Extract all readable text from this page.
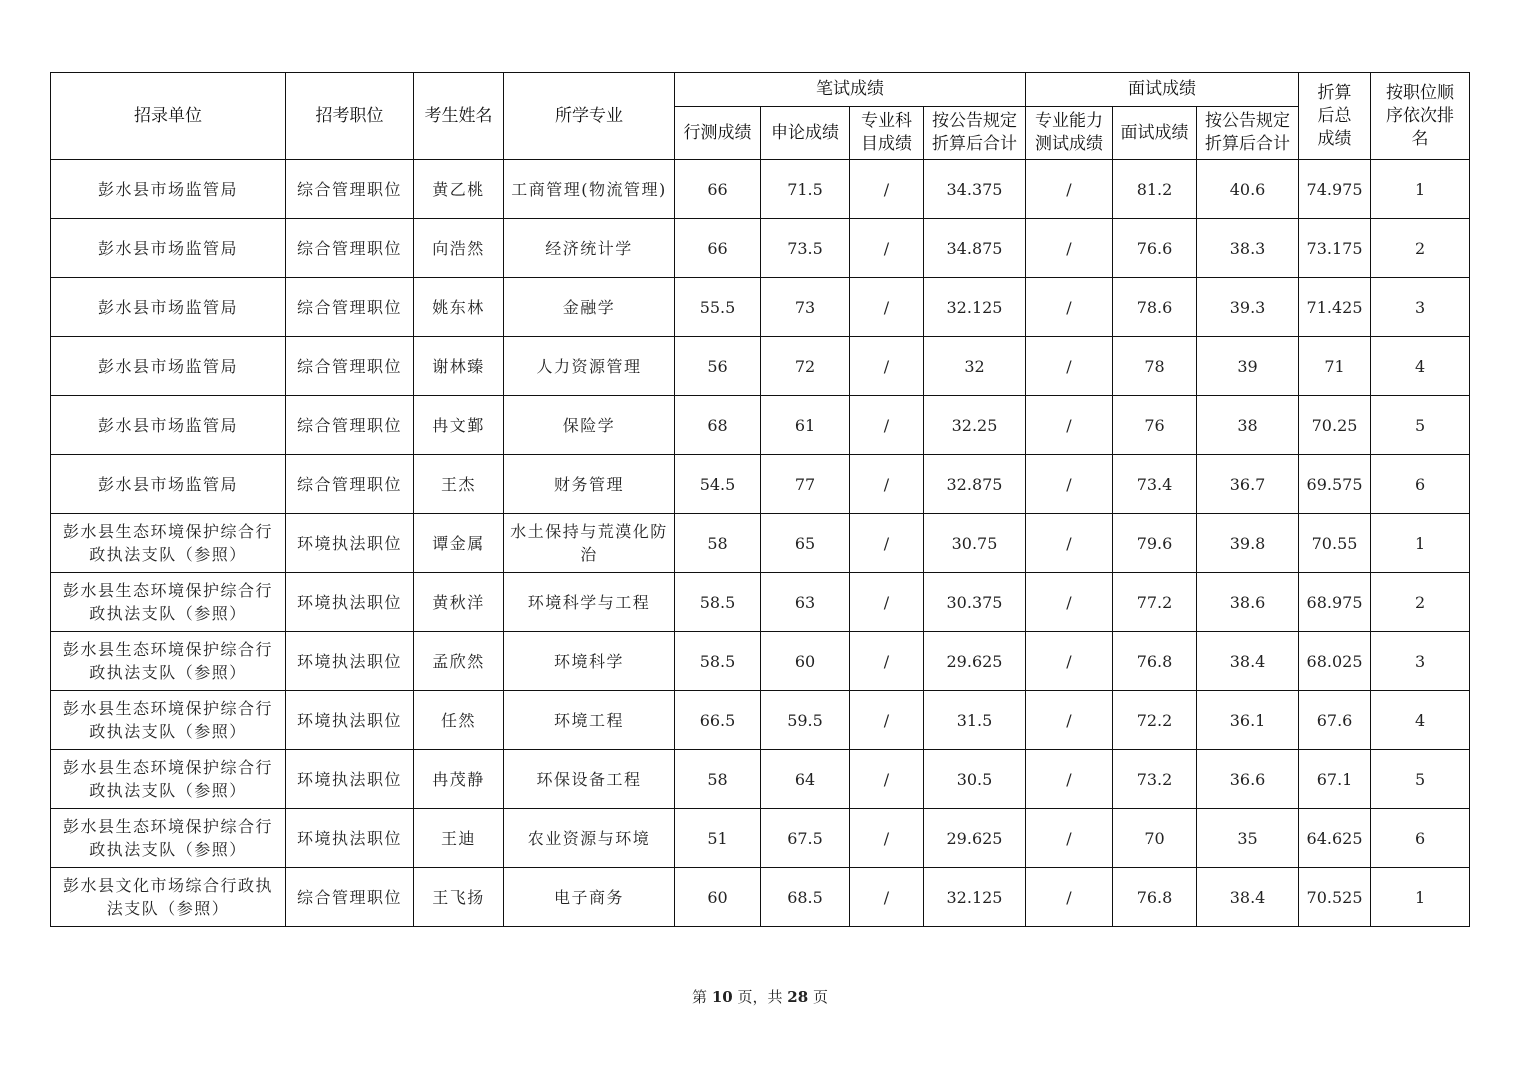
招录单位	招考职位	考生姓名	所学专业	笔试成绩				面试成绩			折算后总成绩	按职位顺序依次排名
				行测成绩	申论成绩	专业科目成绩	按公告规定折算后合计	专业能力测试成绩	面试成绩	按公告规定折算后合计		
彭水县市场监管局	综合管理职位	黄乙桃	工商管理(物流管理)	66	71.5	/	34.375	/	81.2	40.6	74.975	1
彭水县市场监管局	综合管理职位	向浩然	经济统计学	66	73.5	/	34.875	/	76.6	38.3	73.175	2
彭水县市场监管局	综合管理职位	姚东林	金融学	55.5	73	/	32.125	/	78.6	39.3	71.425	3
彭水县市场监管局	综合管理职位	谢林臻	人力资源管理	56	72	/	32	/	78	39	71	4
彭水县市场监管局	综合管理职位	冉文鄞	保险学	68	61	/	32.25	/	76	38	70.25	5
彭水县市场监管局	综合管理职位	王杰	财务管理	54.5	77	/	32.875	/	73.4	36.7	69.575	6
彭水县生态环境保护综合行政执法支队（参照）	环境执法职位	谭金属	水土保持与荒漠化防治	58	65	/	30.75	/	79.6	39.8	70.55	1
彭水县生态环境保护综合行政执法支队（参照）	环境执法职位	黄秋洋	环境科学与工程	58.5	63	/	30.375	/	77.2	38.6	68.975	2
彭水县生态环境保护综合行政执法支队（参照）	环境执法职位	孟欣然	环境科学	58.5	60	/	29.625	/	76.8	38.4	68.025	3
彭水县生态环境保护综合行政执法支队（参照）	环境执法职位	任然	环境工程	66.5	59.5	/	31.5	/	72.2	36.1	67.6	4
彭水县生态环境保护综合行政执法支队（参照）	环境执法职位	冉茂静	环保设备工程	58	64	/	30.5	/	73.2	36.6	67.1	5
彭水县生态环境保护综合行政执法支队（参照）	环境执法职位	王迪	农业资源与环境	51	67.5	/	29.625	/	70	35	64.625	6
彭水县文化市场综合行政执法支队（参照）	综合管理职位	王飞扬	电子商务	60	68.5	/	32.125	/	76.8	38.4	70.525	1
第 10 页，共 28 页
